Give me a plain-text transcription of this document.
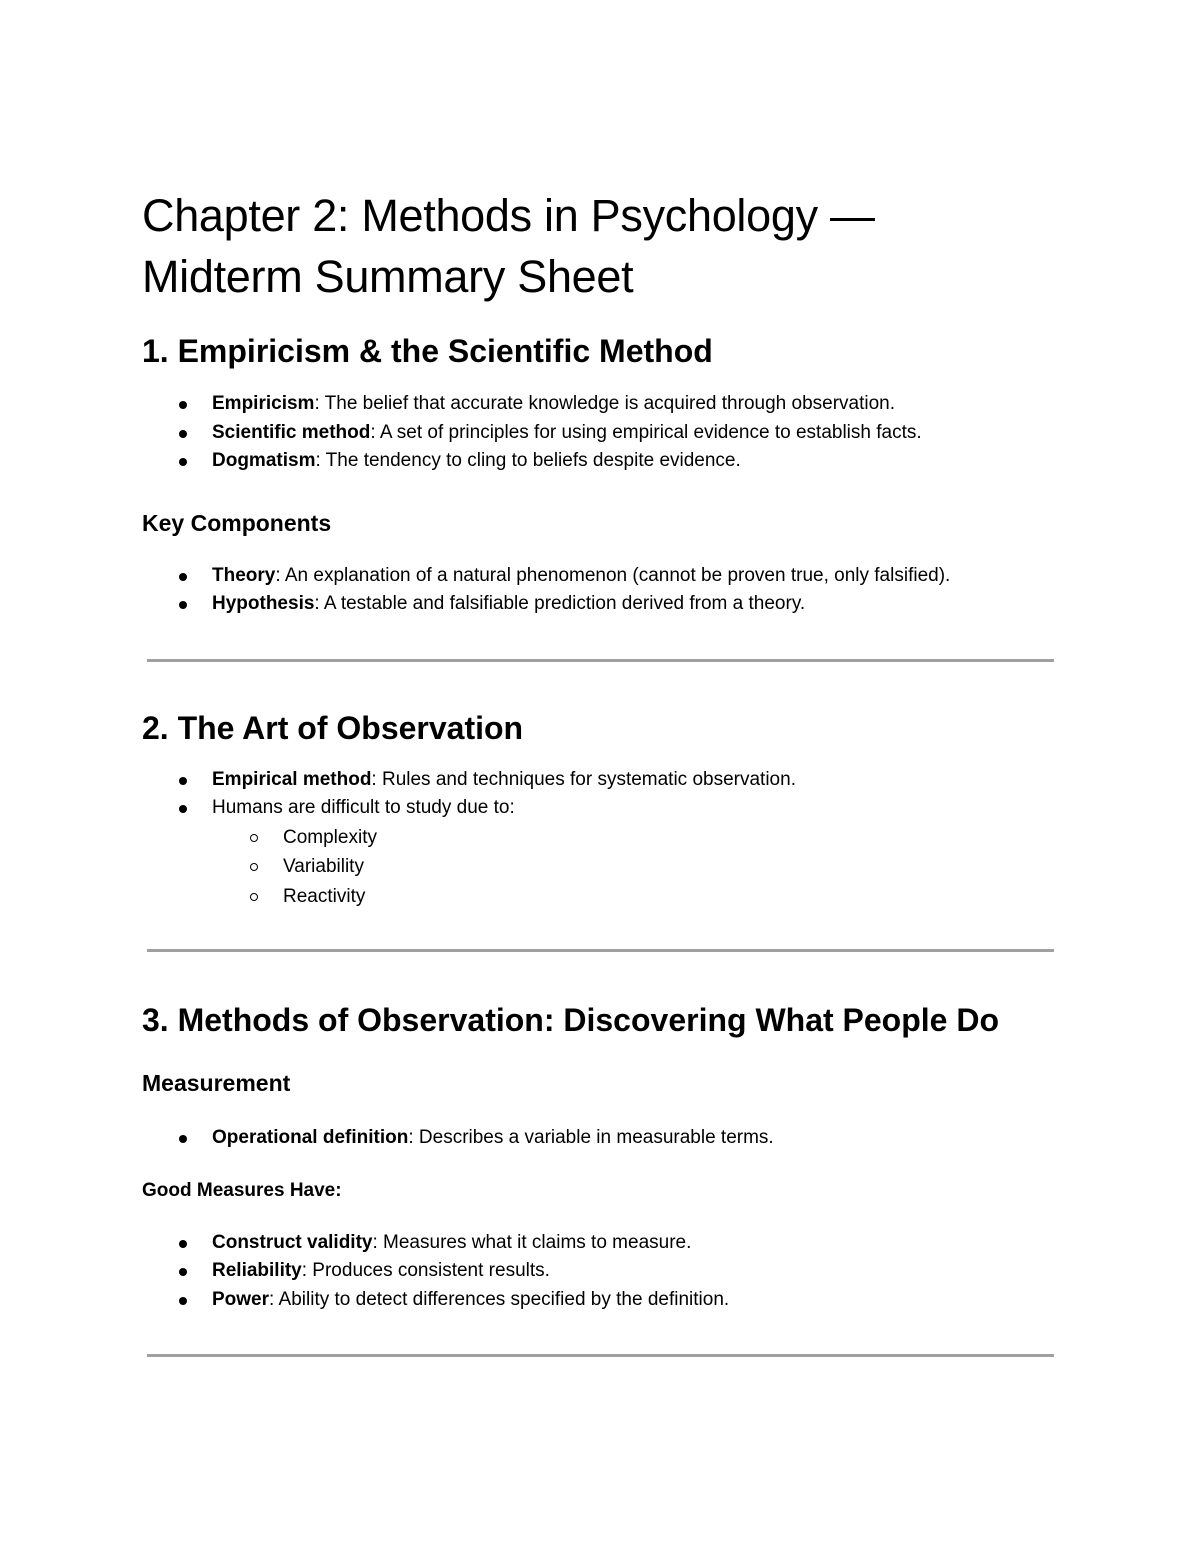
Chapter 2: Methods in Psychology —
Midterm Summary Sheet
1. Empiricism & the Scientific Method
Empiricism: The belief that accurate knowledge is acquired through observation.
Scientific method: A set of principles for using empirical evidence to establish facts.
Dogmatism: The tendency to cling to beliefs despite evidence.
Key Components
Theory: An explanation of a natural phenomenon (cannot be proven true, only falsified).
Hypothesis: A testable and falsifiable prediction derived from a theory.
2. The Art of Observation
Empirical method: Rules and techniques for systematic observation.
Humans are difficult to study due to:
Complexity
Variability
Reactivity
3. Methods of Observation: Discovering What People Do
Measurement
Operational definition: Describes a variable in measurable terms.
Good Measures Have:
Construct validity: Measures what it claims to measure.
Reliability: Produces consistent results.
Power: Ability to detect differences specified by the definition.
